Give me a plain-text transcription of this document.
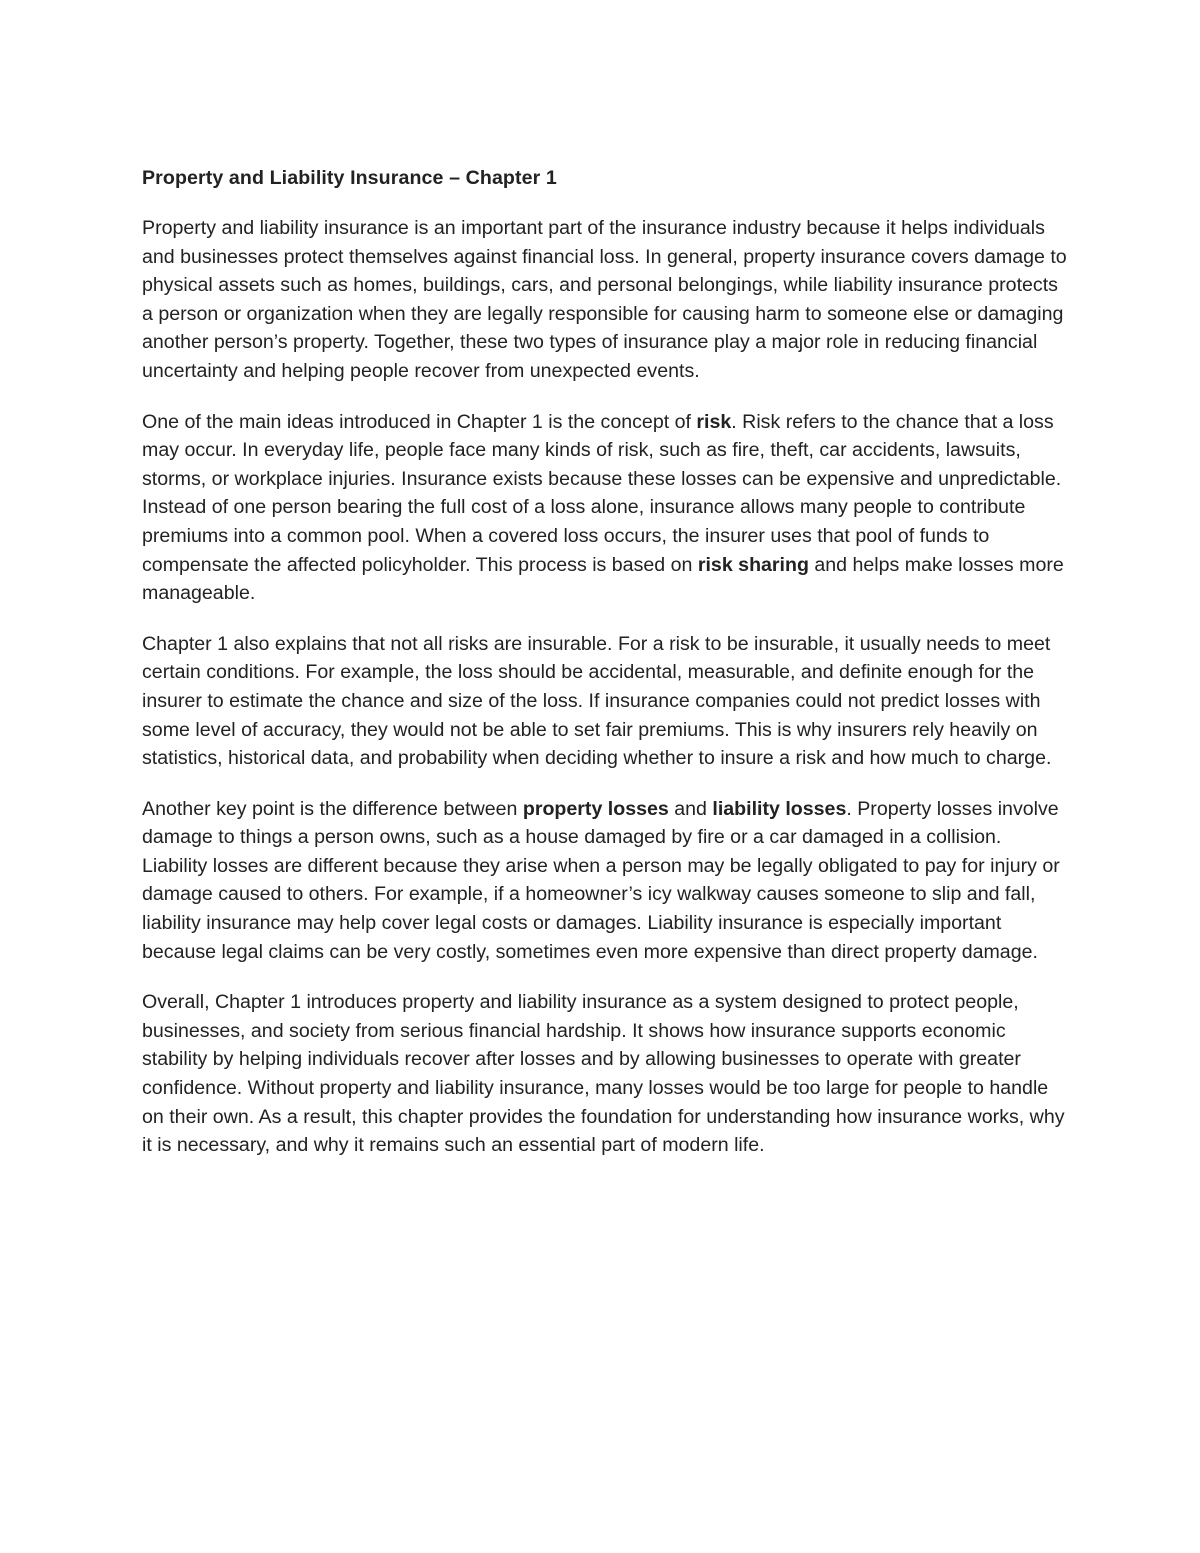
Property and Liability Insurance – Chapter 1

Property and liability insurance is an important part of the insurance industry because it helps individuals and businesses protect themselves against financial loss. In general, property insurance covers damage to physical assets such as homes, buildings, cars, and personal belongings, while liability insurance protects a person or organization when they are legally responsible for causing harm to someone else or damaging another person’s property. Together, these two types of insurance play a major role in reducing financial uncertainty and helping people recover from unexpected events.

One of the main ideas introduced in Chapter 1 is the concept of risk. Risk refers to the chance that a loss may occur. In everyday life, people face many kinds of risk, such as fire, theft, car accidents, lawsuits, storms, or workplace injuries. Insurance exists because these losses can be expensive and unpredictable. Instead of one person bearing the full cost of a loss alone, insurance allows many people to contribute premiums into a common pool. When a covered loss occurs, the insurer uses that pool of funds to compensate the affected policyholder. This process is based on risk sharing and helps make losses more manageable.

Chapter 1 also explains that not all risks are insurable. For a risk to be insurable, it usually needs to meet certain conditions. For example, the loss should be accidental, measurable, and definite enough for the insurer to estimate the chance and size of the loss. If insurance companies could not predict losses with some level of accuracy, they would not be able to set fair premiums. This is why insurers rely heavily on statistics, historical data, and probability when deciding whether to insure a risk and how much to charge.

Another key point is the difference between property losses and liability losses. Property losses involve damage to things a person owns, such as a house damaged by fire or a car damaged in a collision. Liability losses are different because they arise when a person may be legally obligated to pay for injury or damage caused to others. For example, if a homeowner’s icy walkway causes someone to slip and fall, liability insurance may help cover legal costs or damages. Liability insurance is especially important because legal claims can be very costly, sometimes even more expensive than direct property damage.

Overall, Chapter 1 introduces property and liability insurance as a system designed to protect people, businesses, and society from serious financial hardship. It shows how insurance supports economic stability by helping individuals recover after losses and by allowing businesses to operate with greater confidence. Without property and liability insurance, many losses would be too large for people to handle on their own. As a result, this chapter provides the foundation for understanding how insurance works, why it is necessary, and why it remains such an essential part of modern life.
